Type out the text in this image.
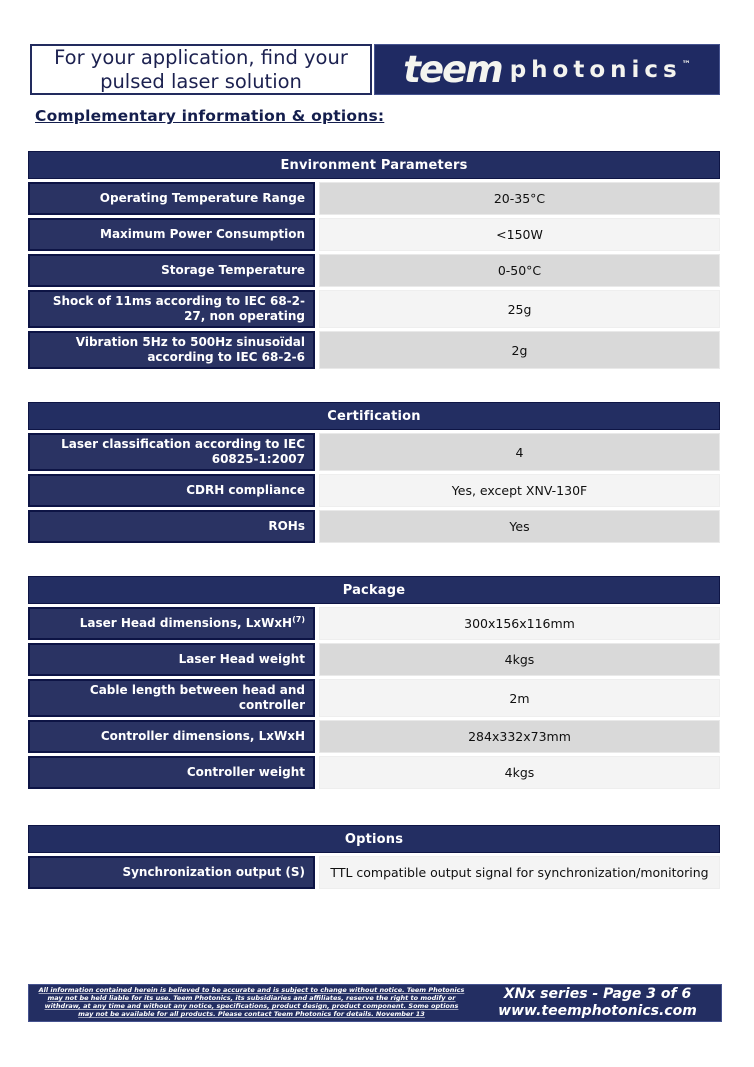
For your application, find your
pulsed laser solution	teem photonics™
Complementary information & options:
Environment Parameters
Operating Temperature Range	20-35°C
Maximum Power Consumption	<150W
Storage Temperature	0-50°C
Shock of 11ms according to IEC 68-2-27, non operating	25g
Vibration 5Hz to 500Hz sinusoïdal according to IEC 68-2-6	2g
Certification
Laser classification according to IEC 60825-1:2007	4
CDRH compliance	Yes, except XNV-130F
ROHs	Yes
Package
Laser Head dimensions, LxWxH$^{(7)}$	300x156x116mm
Laser Head weight	4kgs
Cable length between head and controller	2m
Controller dimensions, LxWxH	284x332x73mm
Controller weight	4kgs
Options
Synchronization output (S)	TTL compatible output signal for synchronization/monitoring
All information contained herein is believed to be accurate and is subject to change without notice. Teem Photonics may not be held liable for its use. Teem Photonics, its subsidiaries and affiliates, reserve the right to modify or withdraw, at any time and without any notice, specifications, product design, product component. Some options may not be available for all products. Please contact Teem Photonics for details. November 13
XNx series - Page 3 of 6
www.teemphotonics.com
